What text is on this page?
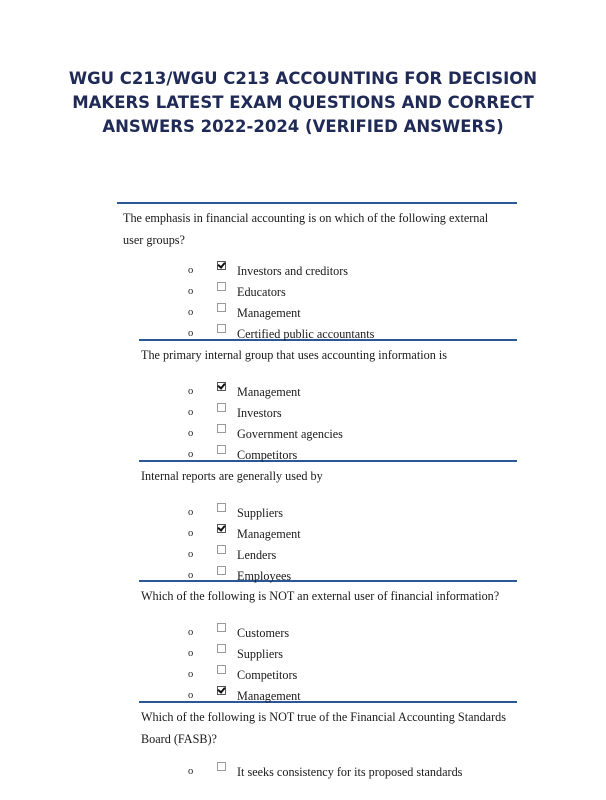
WGU C213/WGU C213 ACCOUNTING FOR DECISION MAKERS LATEST EXAM QUESTIONS AND CORRECT ANSWERS 2022-2024 (VERIFIED ANSWERS)

The emphasis in financial accounting is on which of the following external user groups?

o	Investors and creditors
o	Educators
o	Management
o	Certified public accountants

The primary internal group that uses accounting information is

o	Management
o	Investors
o	Government agencies
o	Competitors

Internal reports are generally used by

o	Suppliers
o	Management
o	Lenders
o	Employees

Which of the following is NOT an external user of financial information?

o	Customers
o	Suppliers
o	Competitors
o	Management

Which of the following is NOT true of the Financial Accounting Standards Board (FASB)?

o	It seeks consistency for its proposed standards
